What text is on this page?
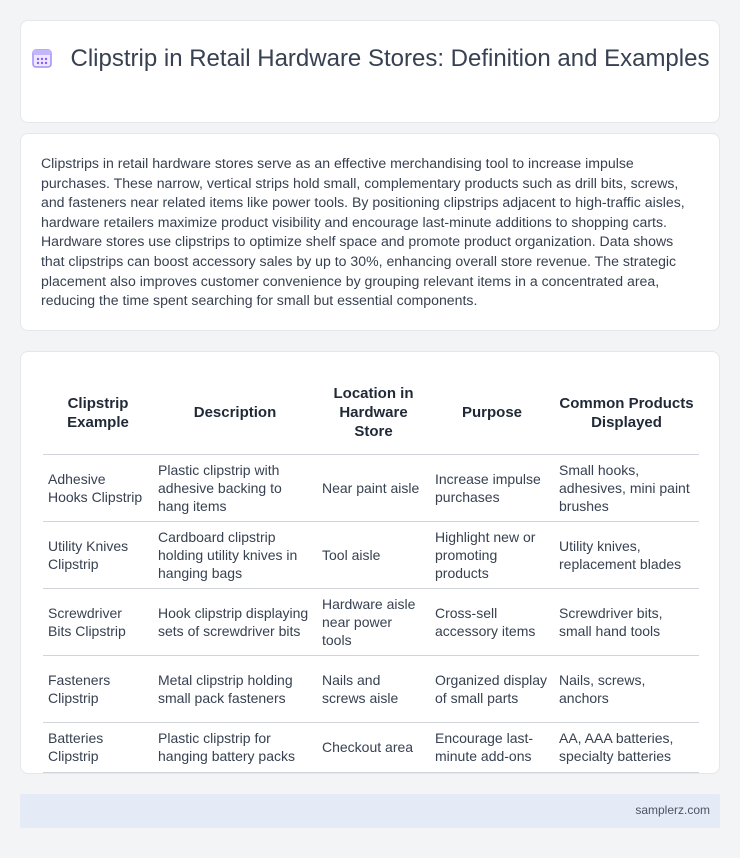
Clipstrip in Retail Hardware Stores: Definition and Examples

Clipstrips in retail hardware stores serve as an effective merchandising tool to increase impulse purchases. These narrow, vertical strips hold small, complementary products such as drill bits, screws, and fasteners near related items like power tools. By positioning clipstrips adjacent to high-traffic aisles, hardware retailers maximize product visibility and encourage last-minute additions to shopping carts. Hardware stores use clipstrips to optimize shelf space and promote product organization. Data shows that clipstrips can boost accessory sales by up to 30%, enhancing overall store revenue. The strategic placement also improves customer convenience by grouping relevant items in a concentrated area, reducing the time spent searching for small but essential components.

Clipstrip Example	Description	Location in Hardware Store	Purpose	Common Products Displayed
Adhesive Hooks Clipstrip	Plastic clipstrip with adhesive backing to hang items	Near paint aisle	Increase impulse purchases	Small hooks, adhesives, mini paint brushes
Utility Knives Clipstrip	Cardboard clipstrip holding utility knives in hanging bags	Tool aisle	Highlight new or promoting products	Utility knives, replacement blades
Screwdriver Bits Clipstrip	Hook clipstrip displaying sets of screwdriver bits	Hardware aisle near power tools	Cross-sell accessory items	Screwdriver bits, small hand tools
Fasteners Clipstrip	Metal clipstrip holding small pack fasteners	Nails and screws aisle	Organized display of small parts	Nails, screws, anchors
Batteries Clipstrip	Plastic clipstrip for hanging battery packs	Checkout area	Encourage last-minute add-ons	AA, AAA batteries, specialty batteries
samplerz.com
